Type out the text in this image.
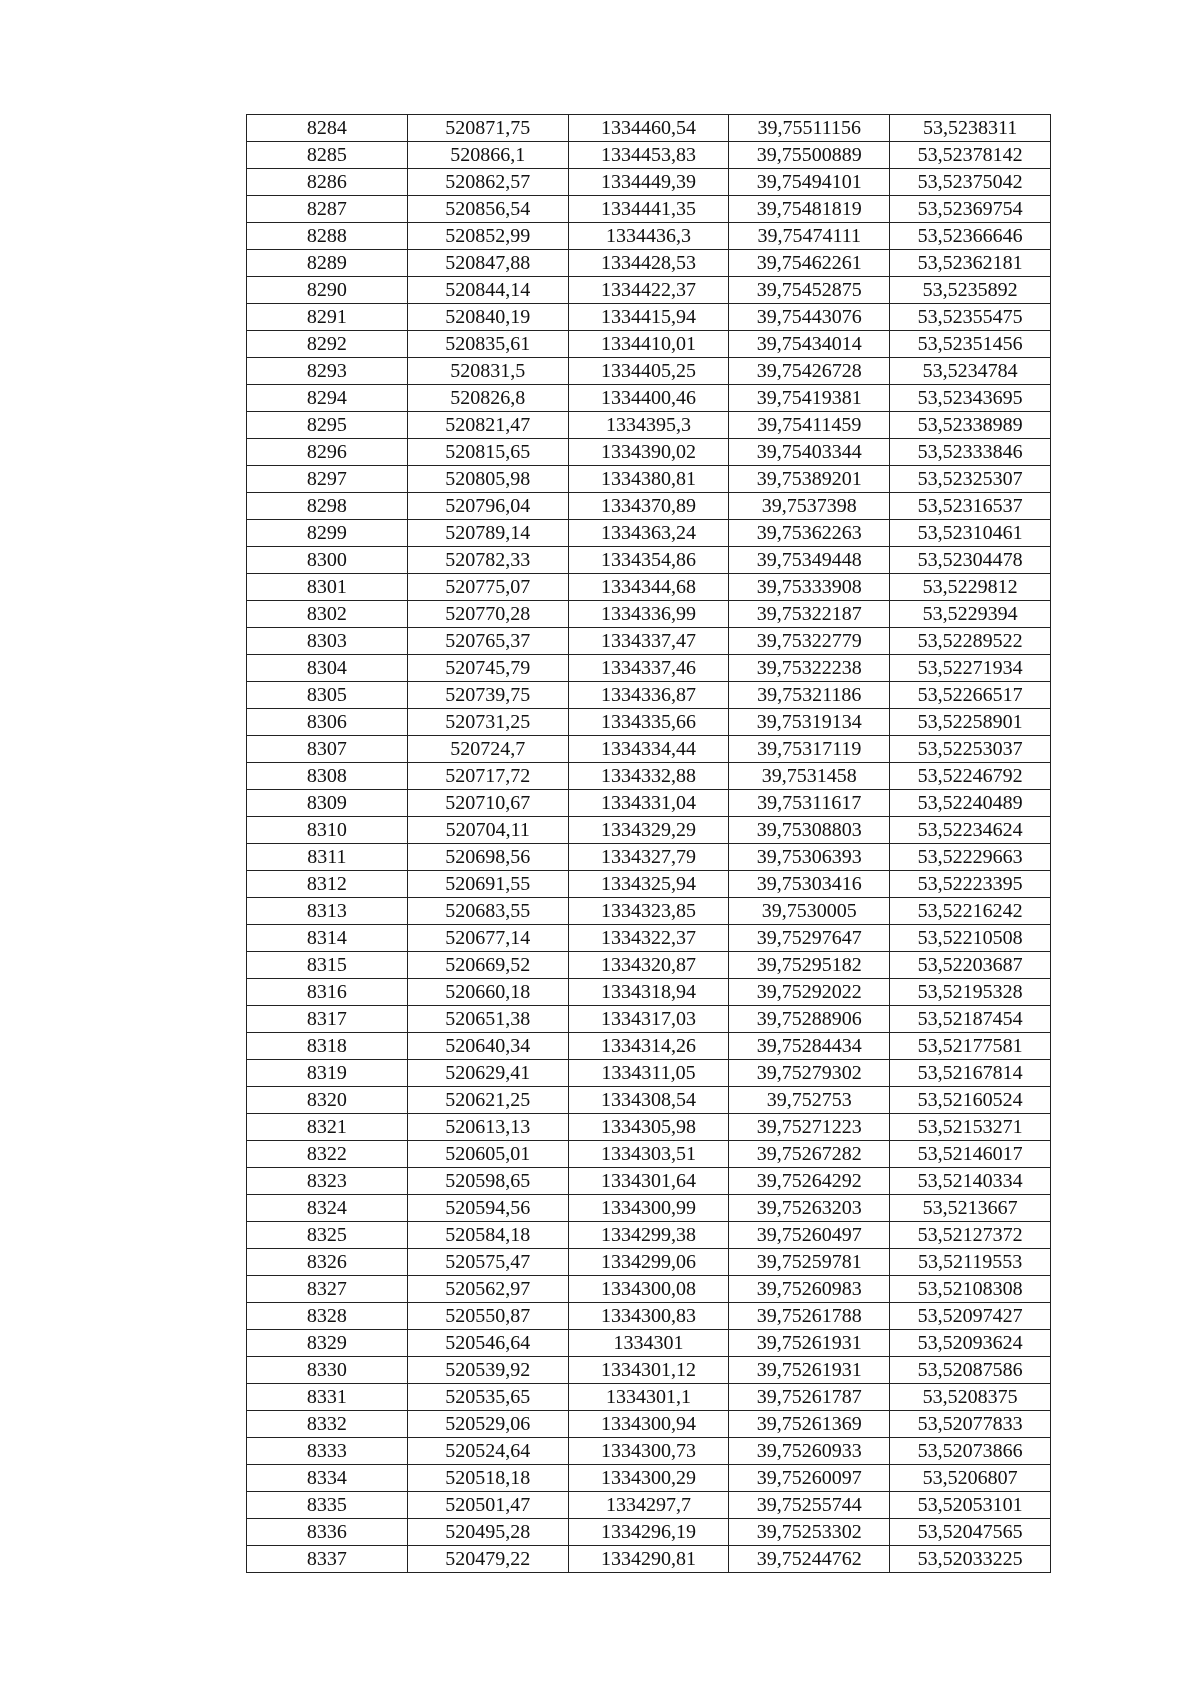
8284	520871,75	1334460,54	39,75511156	53,5238311
8285	520866,1	1334453,83	39,75500889	53,52378142
8286	520862,57	1334449,39	39,75494101	53,52375042
8287	520856,54	1334441,35	39,75481819	53,52369754
8288	520852,99	1334436,3	39,75474111	53,52366646
8289	520847,88	1334428,53	39,75462261	53,52362181
8290	520844,14	1334422,37	39,75452875	53,5235892
8291	520840,19	1334415,94	39,75443076	53,52355475
8292	520835,61	1334410,01	39,75434014	53,52351456
8293	520831,5	1334405,25	39,75426728	53,5234784
8294	520826,8	1334400,46	39,75419381	53,52343695
8295	520821,47	1334395,3	39,75411459	53,52338989
8296	520815,65	1334390,02	39,75403344	53,52333846
8297	520805,98	1334380,81	39,75389201	53,52325307
8298	520796,04	1334370,89	39,7537398	53,52316537
8299	520789,14	1334363,24	39,75362263	53,52310461
8300	520782,33	1334354,86	39,75349448	53,52304478
8301	520775,07	1334344,68	39,75333908	53,5229812
8302	520770,28	1334336,99	39,75322187	53,5229394
8303	520765,37	1334337,47	39,75322779	53,52289522
8304	520745,79	1334337,46	39,75322238	53,52271934
8305	520739,75	1334336,87	39,75321186	53,52266517
8306	520731,25	1334335,66	39,75319134	53,52258901
8307	520724,7	1334334,44	39,75317119	53,52253037
8308	520717,72	1334332,88	39,7531458	53,52246792
8309	520710,67	1334331,04	39,75311617	53,52240489
8310	520704,11	1334329,29	39,75308803	53,52234624
8311	520698,56	1334327,79	39,75306393	53,52229663
8312	520691,55	1334325,94	39,75303416	53,52223395
8313	520683,55	1334323,85	39,7530005	53,52216242
8314	520677,14	1334322,37	39,75297647	53,52210508
8315	520669,52	1334320,87	39,75295182	53,52203687
8316	520660,18	1334318,94	39,75292022	53,52195328
8317	520651,38	1334317,03	39,75288906	53,52187454
8318	520640,34	1334314,26	39,75284434	53,52177581
8319	520629,41	1334311,05	39,75279302	53,52167814
8320	520621,25	1334308,54	39,752753	53,52160524
8321	520613,13	1334305,98	39,75271223	53,52153271
8322	520605,01	1334303,51	39,75267282	53,52146017
8323	520598,65	1334301,64	39,75264292	53,52140334
8324	520594,56	1334300,99	39,75263203	53,5213667
8325	520584,18	1334299,38	39,75260497	53,52127372
8326	520575,47	1334299,06	39,75259781	53,52119553
8327	520562,97	1334300,08	39,75260983	53,52108308
8328	520550,87	1334300,83	39,75261788	53,52097427
8329	520546,64	1334301	39,75261931	53,52093624
8330	520539,92	1334301,12	39,75261931	53,52087586
8331	520535,65	1334301,1	39,75261787	53,5208375
8332	520529,06	1334300,94	39,75261369	53,52077833
8333	520524,64	1334300,73	39,75260933	53,52073866
8334	520518,18	1334300,29	39,75260097	53,5206807
8335	520501,47	1334297,7	39,75255744	53,52053101
8336	520495,28	1334296,19	39,75253302	53,52047565
8337	520479,22	1334290,81	39,75244762	53,52033225
